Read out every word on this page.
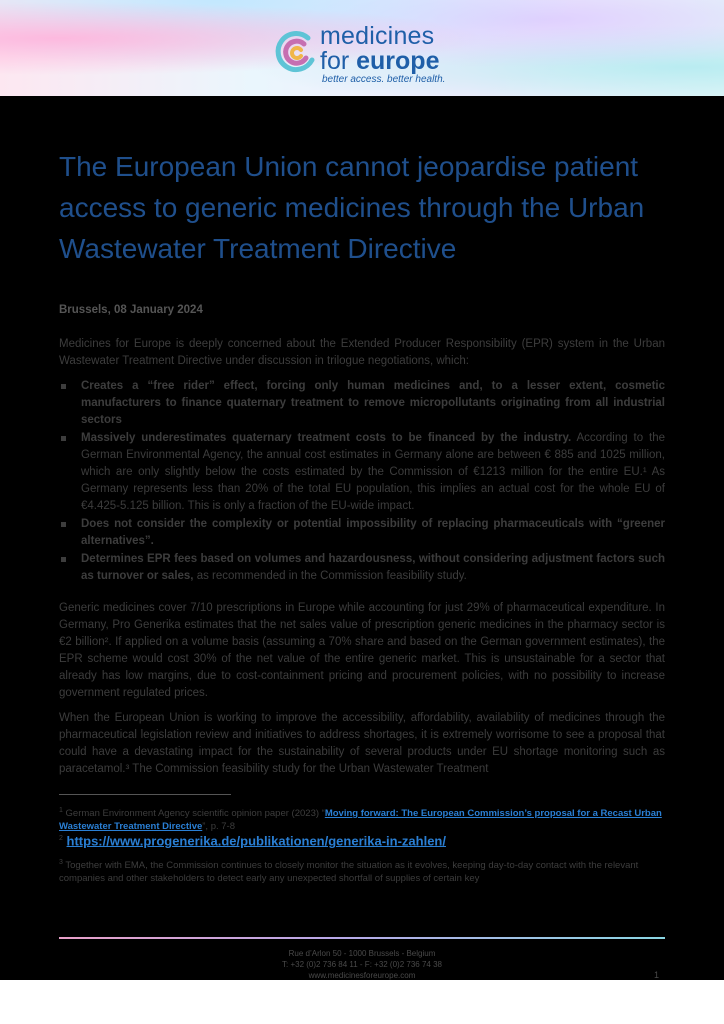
medicines
for europe
better access. better health.
The European Union cannot jeopardise patient access to generic medicines through the Urban Wastewater Treatment Directive
Brussels, 08 January 2024

Medicines for Europe is deeply concerned about the Extended Producer Responsibility (EPR) system in the Urban Wastewater Treatment Directive under discussion in trilogue negotiations, which:

Creates a “free rider” effect, forcing only human medicines and, to a lesser extent, cosmetic manufacturers to finance quaternary treatment to remove micropollutants originating from all industrial sectors
Massively underestimates quaternary treatment costs to be financed by the industry. According to the German Environmental Agency, the annual cost estimates in Germany alone are between € 885 and 1025 million, which are only slightly below the costs estimated by the Commission of €1213 million for the entire EU.¹ As Germany represents less than 20% of the total EU population, this implies an actual cost for the whole EU of €4.425-5.125 billion. This is only a fraction of the EU-wide impact.
Does not consider the complexity or potential impossibility of replacing pharmaceuticals with “greener alternatives”.
Determines EPR fees based on volumes and hazardousness, without considering adjustment factors such as turnover or sales, as recommended in the Commission feasibility study.

Generic medicines cover 7/10 prescriptions in Europe while accounting for just 29% of pharmaceutical expenditure. In Germany, Pro Generika estimates that the net sales value of prescription generic medicines in the pharmacy sector is €2 billion². If applied on a volume basis (assuming a 70% share and based on the German government estimates), the EPR scheme would cost 30% of the net value of the entire generic market. This is unsustainable for a sector that already has low margins, due to cost-containment pricing and procurement policies, with no possibility to increase government regulated prices.

When the European Union is working to improve the accessibility, affordability, availability of medicines through the pharmaceutical legislation review and initiatives to address shortages, it is extremely worrisome to see a proposal that could have a devastating impact for the sustainability of several products under EU shortage monitoring such as paracetamol.³ The Commission feasibility study for the Urban Wastewater Treatment

$^1$ German Environment Agency scientific opinion paper (2023) “Moving forward: The European Commission’s proposal for a Recast Urban Wastewater Treatment Directive”, p. 7-8

$^2$ https://www.progenerika.de/publikationen/generika-in-zahlen/

$^3$ Together with EMA, the Commission continues to closely monitor the situation as it evolves, keeping day-to-day contact with the relevant companies and other stakeholders to detect early any unexpected shortfall of supplies of certain key

Rue d’Arlon 50 - 1000 Brussels - Belgium
T: +32 (0)2 736 84 11 - F: +32 (0)2 736 74 38
www.medicinesforeurope.com	1
